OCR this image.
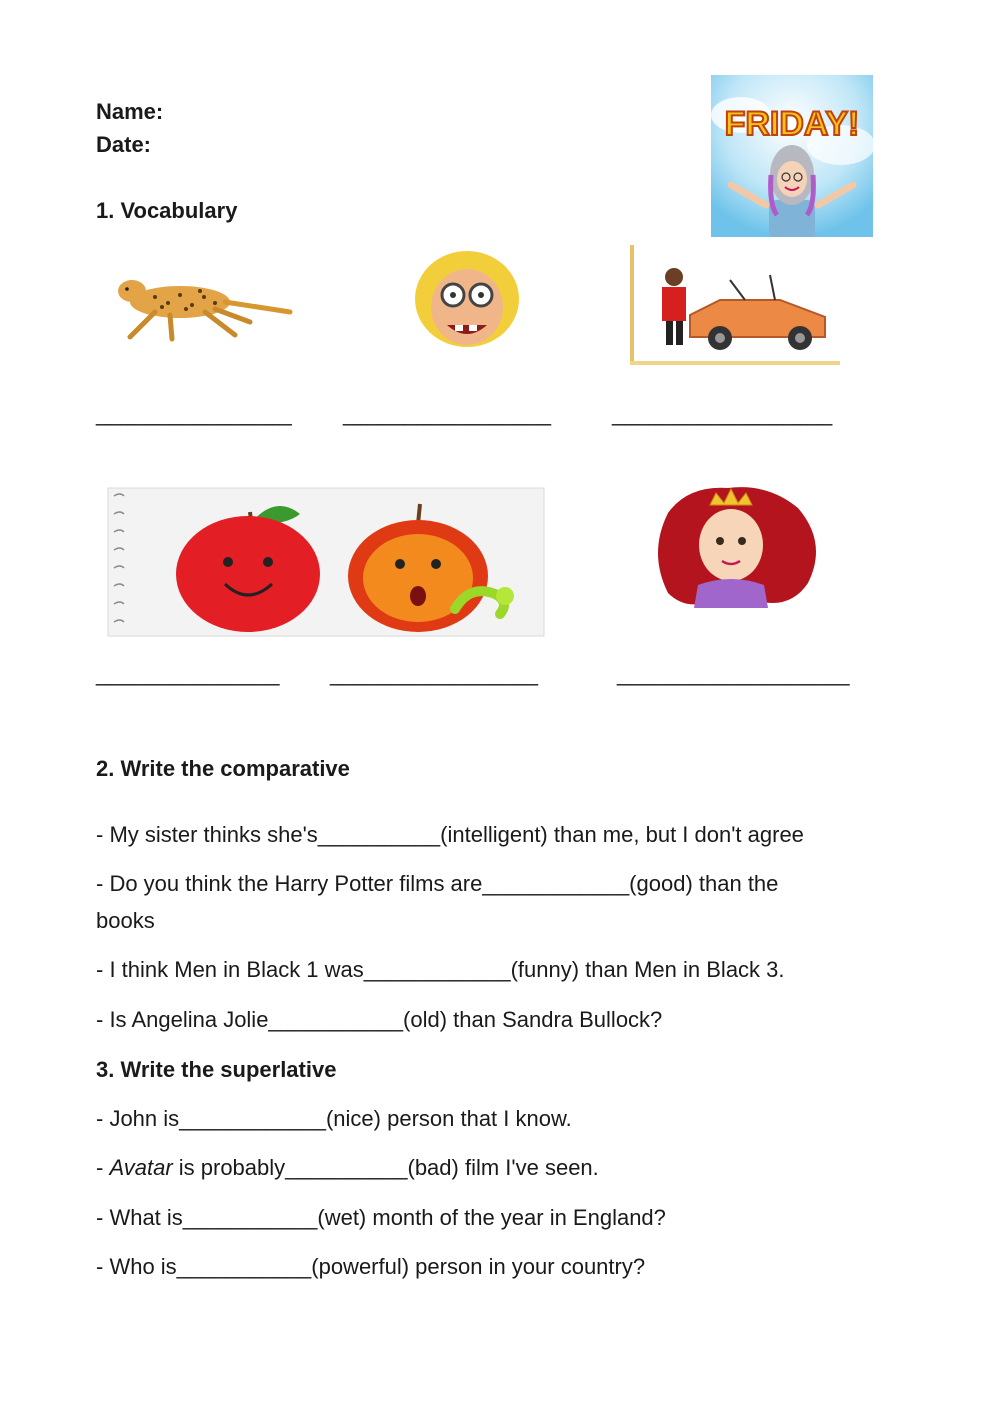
Name:
Date:
FRIDAY!
1. Vocabulary
________________ _________________	__________________
_______________ _________________	___________________
2. Write the comparative
- My sister thinks she's__________(intelligent) than me, but I don't agree
- Do you think the Harry Potter films are____________(good) than the
books
- I think Men in Black 1 was____________(funny) than Men in Black 3.
- Is Angelina Jolie___________(old) than Sandra Bullock?
3. Write the superlative
- John is____________(nice) person that I know.
- Avatar is probably__________(bad) film I've seen.
- What is___________(wet) month of the year in England?
- Who is___________(powerful) person in your country?
